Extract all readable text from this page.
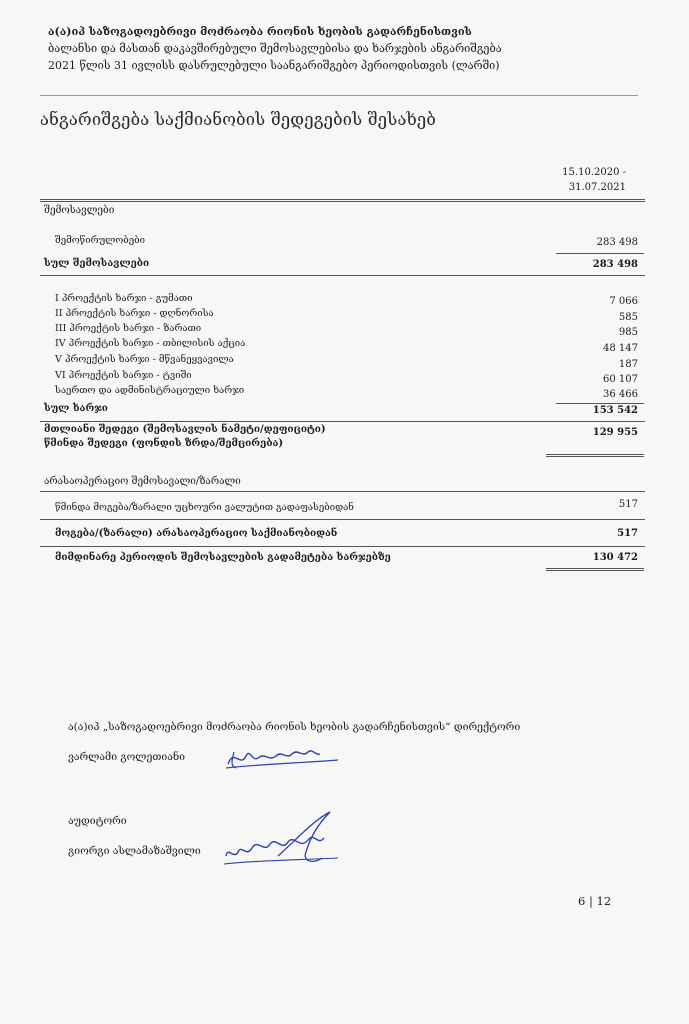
ა(ა)იპ საზოგადოებრივი მოძრაობა რიონის ხეობის გადარჩენისთვის
ბალანსი და მასთან დაკავშირებული შემოსავლებისა და ხარჯების ანგარიშგება
2021 წლის 31 ივლისს დასრულებული საანგარიშგებო პერიოდისთვის (ლარში)
ანგარიშგება საქმიანობის შედეგების შესახებ
15.10.2020 -
31.07.2021
შემოსავლები
შემოწირულობები	283 498
სულ შემოსავლები	283 498
I პროექტის ხარჯი - გუმათი	7 066
II პროექტის ხარჯი - დღნორისა	585
III პროექტის ხარჯი - ზარათი	985
IV პროექტის ხარჯი - თბილისის აქცია	48 147
V პროექტის ხარჯი - მწვანეყვავილა	187
VI პროექტის ხარჯი - ტვიში	60 107
საერთო და ადმინისტრაციული ხარჯი	36 466
სულ ხარჯი	153 542
მთლიანი შედეგი (შემოსავლის ნამეტი/დეფიციტი)	129 955
წმინდა შედეგი (ფონდის ზრდა/შემცირება)
არასაოპერაციო შემოსავალი/ზარალი
წმინდა მოგება/ზარალი უცხოური ვალუტით გადაფასებიდან	517
მოგება/(ზარალი) არასაოპერაციო საქმიანობიდან	517
მიმდინარე პერიოდის შემოსავლების გადამეტება ხარჯებზე	130 472
ა(ა)იპ „საზოგადოებრივი მოძრაობა რიონის ხეობის გადარჩენისთვის“ დირექტორი
ვარლამი გოლეთიანი
აუდიტორი
გიორგი ასლამაზაშვილი
6 | 12
